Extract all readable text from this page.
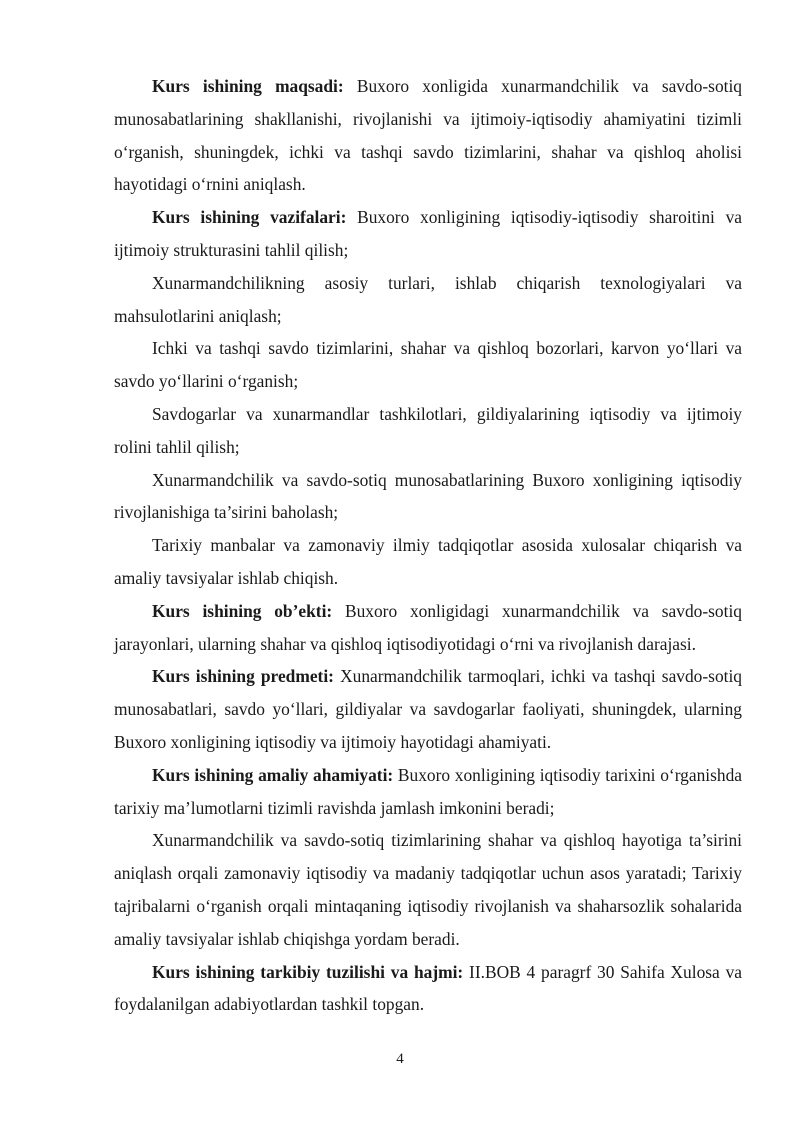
Kurs ishining maqsadi: Buxoro xonligida xunarmandchilik va savdo-sotiq munosabatlarining shakllanishi, rivojlanishi va ijtimoiy-iqtisodiy ahamiyatini tizimli o‘rganish, shuningdek, ichki va tashqi savdo tizimlarini, shahar va qishloq aholisi hayotidagi o‘rnini aniqlash.

Kurs ishining vazifalari: Buxoro xonligining iqtisodiy-iqtisodiy sharoitini va ijtimoiy strukturasini tahlil qilish;

Xunarmandchilikning asosiy turlari, ishlab chiqarish texnologiyalari va mahsulotlarini aniqlash;

Ichki va tashqi savdo tizimlarini, shahar va qishloq bozorlari, karvon yo‘llari va savdo yo‘llarini o‘rganish;

Savdogarlar va xunarmandlar tashkilotlari, gildiyalarining iqtisodiy va ijtimoiy rolini tahlil qilish;

Xunarmandchilik va savdo-sotiq munosabatlarining Buxoro xonligining iqtisodiy rivojlanishiga ta’sirini baholash;

Tarixiy manbalar va zamonaviy ilmiy tadqiqotlar asosida xulosalar chiqarish va amaliy tavsiyalar ishlab chiqish.

Kurs ishining ob’ekti: Buxoro xonligidagi xunarmandchilik va savdo-sotiq jarayonlari, ularning shahar va qishloq iqtisodiyotidagi o‘rni va rivojlanish darajasi.

Kurs ishining predmeti: Xunarmandchilik tarmoqlari, ichki va tashqi savdo-sotiq munosabatlari, savdo yo‘llari, gildiyalar va savdogarlar faoliyati, shuningdek, ularning Buxoro xonligining iqtisodiy va ijtimoiy hayotidagi ahamiyati.

Kurs ishining amaliy ahamiyati: Buxoro xonligining iqtisodiy tarixini o‘rganishda tarixiy ma’lumotlarni tizimli ravishda jamlash imkonini beradi;

Xunarmandchilik va savdo-sotiq tizimlarining shahar va qishloq hayotiga ta’sirini aniqlash orqali zamonaviy iqtisodiy va madaniy tadqiqotlar uchun asos yaratadi; Tarixiy tajribalarni o‘rganish orqali mintaqaning iqtisodiy rivojlanish va shaharsozlik sohalarida amaliy tavsiyalar ishlab chiqishga yordam beradi.

Kurs ishining tarkibiy tuzilishi va hajmi: II.BOB 4 paragrf 30 Sahifa Xulosa va foydalanilgan adabiyotlardan tashkil topgan.

4
